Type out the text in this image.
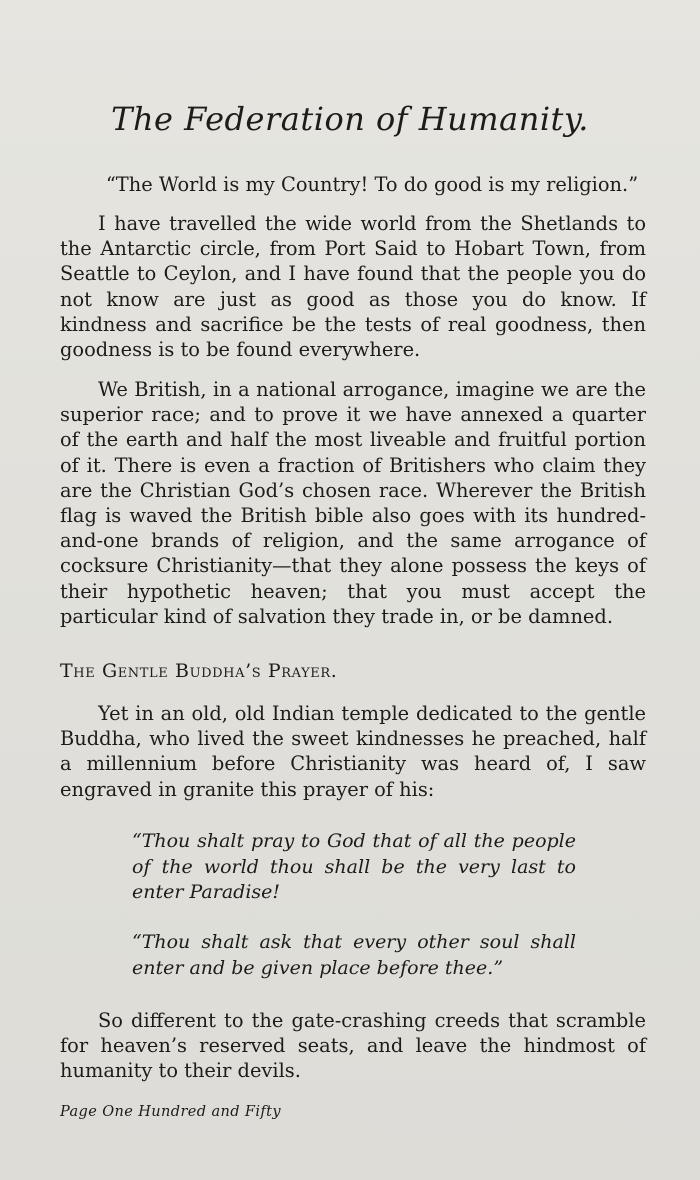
The Federation of Humanity.

“The World is my Country! To do good is my religion.”

I have travelled the wide world from the Shetlands to the Antarctic circle, from Port Said to Hobart Town, from Seattle to Ceylon, and I have found that the people you do not know are just as good as those you do know. If kindness and sacrifice be the tests of real goodness, then goodness is to be found everywhere.

We British, in a national arrogance, imagine we are the superior race; and to prove it we have annexed a quarter of the earth and half the most liveable and fruitful portion of it. There is even a fraction of Britishers who claim they are the Christian God’s chosen race. Wherever the British flag is waved the British bible also goes with its hundred-and-one brands of religion, and the same arrogance of cocksure Christianity—that they alone possess the keys of their hypothetic heaven; that you must accept the particular kind of salvation they trade in, or be damned.

The Gentle Buddha’s Prayer.

Yet in an old, old Indian temple dedicated to the gentle Buddha, who lived the sweet kindnesses he preached, half a millennium before Christianity was heard of, I saw engraved in granite this prayer of his:

“Thou shalt pray to God that of all the people of the world thou shall be the very last to enter Paradise!

“Thou shalt ask that every other soul shall enter and be given place before thee.”

So different to the gate-crashing creeds that scramble for heaven’s reserved seats, and leave the hindmost of humanity to their devils.

Page One Hundred and Fifty
